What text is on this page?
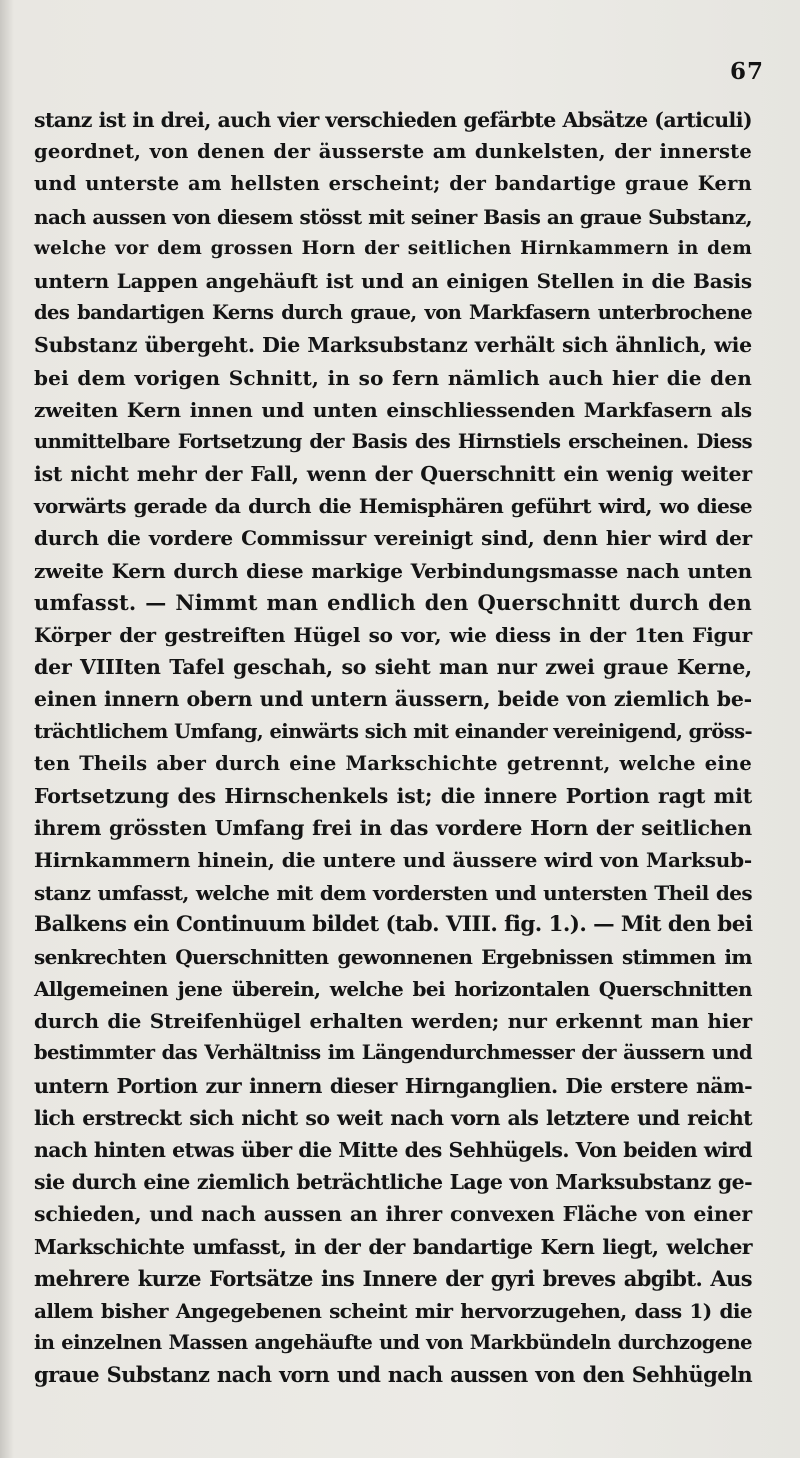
67
stanz ist in drei, auch vier verschieden gefärbte Absätze (articuli)
geordnet, von denen der äusserste am dunkelsten, der innerste
und unterste am hellsten erscheint; der bandartige graue Kern
nach aussen von diesem stösst mit seiner Basis an graue Substanz,
welche vor dem grossen Horn der seitlichen Hirnkammern in dem
untern Lappen angehäuft ist und an einigen Stellen in die Basis
des bandartigen Kerns durch graue, von Markfasern unterbrochene
Substanz übergeht. Die Marksubstanz verhält sich ähnlich, wie
bei dem vorigen Schnitt, in so fern nämlich auch hier die den
zweiten Kern innen und unten einschliessenden Markfasern als
unmittelbare Fortsetzung der Basis des Hirnstiels erscheinen. Diess
ist nicht mehr der Fall, wenn der Querschnitt ein wenig weiter
vorwärts gerade da durch die Hemisphären geführt wird, wo diese
durch die vordere Commissur vereinigt sind, denn hier wird der
zweite Kern durch diese markige Verbindungsmasse nach unten
umfasst. — Nimmt man endlich den Querschnitt durch den
Körper der gestreiften Hügel so vor, wie diess in der 1ten Figur
der VIIIten Tafel geschah, so sieht man nur zwei graue Kerne,
einen innern obern und untern äussern, beide von ziemlich be-
trächtlichem Umfang, einwärts sich mit einander vereinigend, gröss-
ten Theils aber durch eine Markschichte getrennt, welche eine
Fortsetzung des Hirnschenkels ist; die innere Portion ragt mit
ihrem grössten Umfang frei in das vordere Horn der seitlichen
Hirnkammern hinein, die untere und äussere wird von Marksub-
stanz umfasst, welche mit dem vordersten und untersten Theil des
Balkens ein Continuum bildet (tab. VIII. fig. 1.). — Mit den bei
senkrechten Querschnitten gewonnenen Ergebnissen stimmen im
Allgemeinen jene überein, welche bei horizontalen Querschnitten
durch die Streifenhügel erhalten werden; nur erkennt man hier
bestimmter das Verhältniss im Längendurchmesser der äussern und
untern Portion zur innern dieser Hirnganglien. Die erstere näm-
lich erstreckt sich nicht so weit nach vorn als letztere und reicht
nach hinten etwas über die Mitte des Sehhügels. Von beiden wird
sie durch eine ziemlich beträchtliche Lage von Marksubstanz ge-
schieden, und nach aussen an ihrer convexen Fläche von einer
Markschichte umfasst, in der der bandartige Kern liegt, welcher
mehrere kurze Fortsätze ins Innere der gyri breves abgibt. Aus
allem bisher Angegebenen scheint mir hervorzugehen, dass 1) die
in einzelnen Massen angehäufte und von Markbündeln durchzogene
graue Substanz nach vorn und nach aussen von den Sehhügeln
